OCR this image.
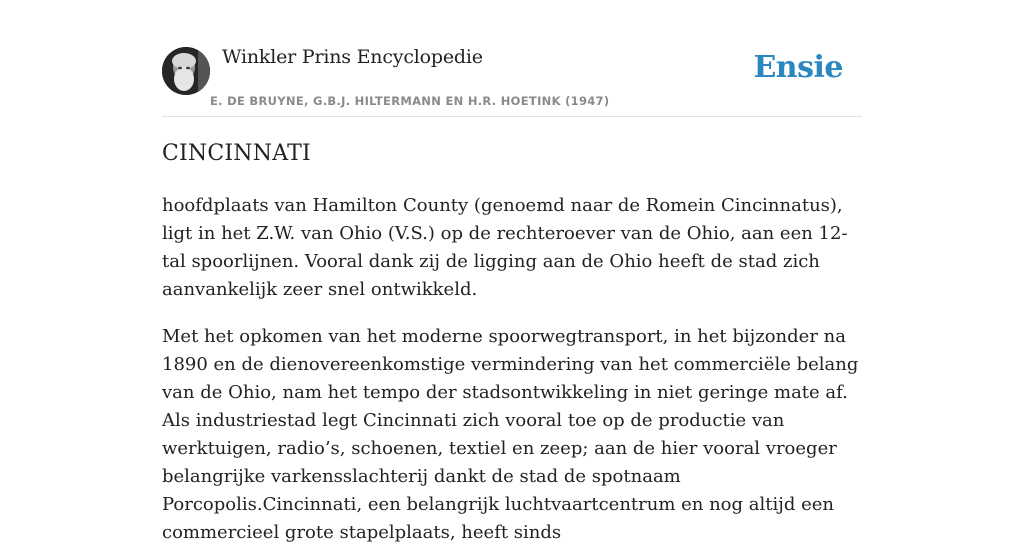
Winkler Prins Encyclopedie
E. DE BRUYNE, G.B.J. HILTERMANN EN H.R. HOETINK (1947)
Ensie
CINCINNATI

hoofdplaats van Hamilton County (genoemd naar de Romein Cincinnatus), ligt in het Z.W. van Ohio (V.S.) op de rechteroever van de Ohio, aan een 12-tal spoorlijnen. Vooral dank zij de ligging aan de Ohio heeft de stad zich aanvankelijk zeer snel ontwikkeld.

Met het opkomen van het moderne spoorwegtransport, in het bijzonder na 1890 en de dienovereenkomstige vermindering van het commerciële belang van de Ohio, nam het tempo der stadsontwikkeling in niet geringe mate af. Als industriestad legt Cincinnati zich vooral toe op de productie van werktuigen, radio’s, schoenen, textiel en zeep; aan de hier vooral vroeger belangrijke varkensslachterij dankt de stad de spotnaam Porcopolis.Cincinnati, een belangrijk luchtvaartcentrum en nog altijd een commercieel grote stapelplaats, heeft sinds
